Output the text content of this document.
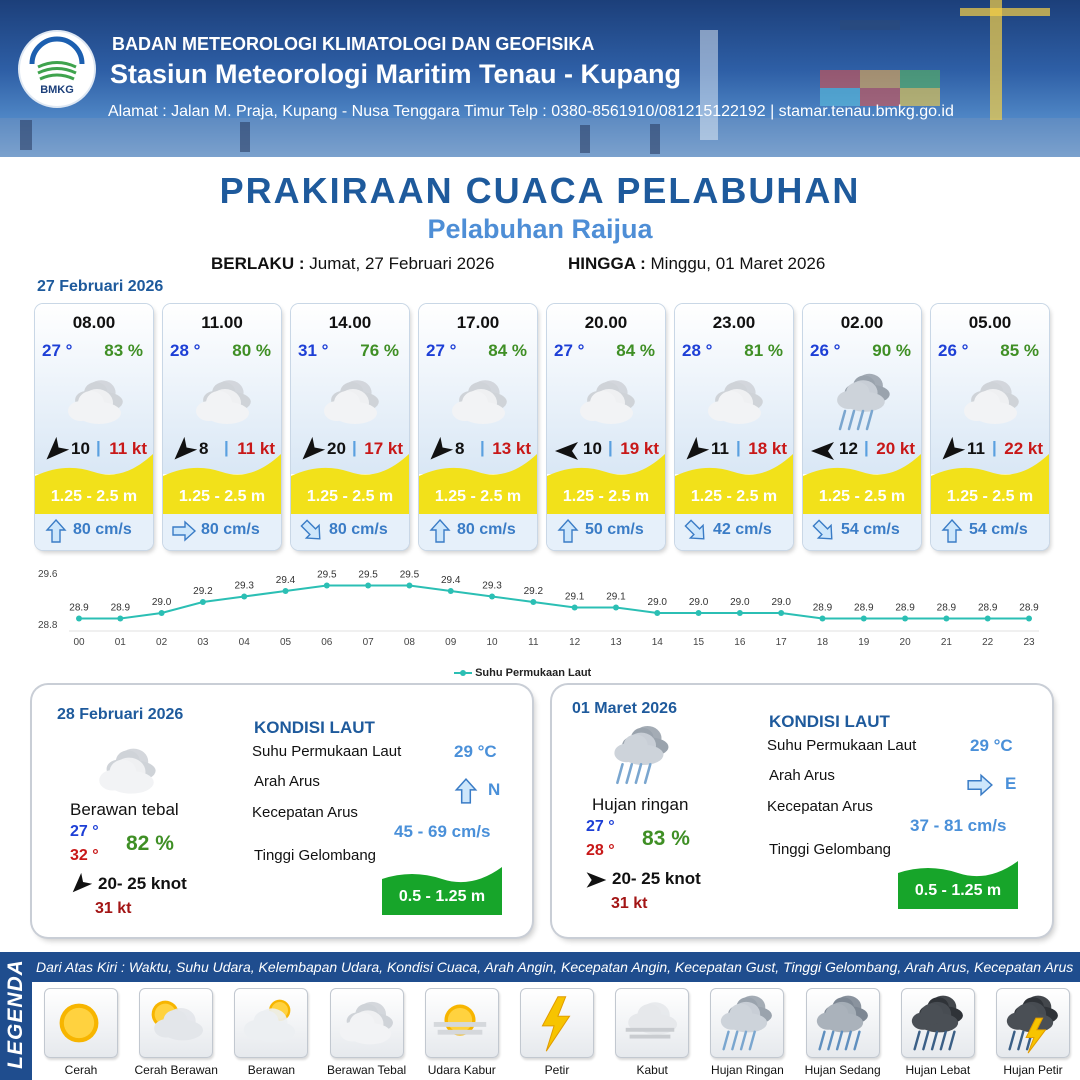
BMKG
BADAN METEOROLOGI KLIMATOLOGI DAN GEOFISIKA
Stasiun Meteorologi Maritim Tenau - Kupang
Alamat : Jalan M. Praja, Kupang - Nusa Tenggara Timur Telp : 0380-8561910/081215122192 | stamar.tenau.bmkg.go.id
PRAKIRAAN CUACA PELABUHAN
Pelabuhan Raijua
BERLAKU : Jumat, 27 Februari 2026	HINGGA : Minggu, 01 Maret 2026
27 Februari 2026
08.00
27 ° 83 %
10 | 11 kt
1.25 - 2.5 m
80 cm/s
11.00
28 ° 80 %
8 | 11 kt
1.25 - 2.5 m
80 cm/s
14.00
31 ° 76 %
20 | 17 kt
1.25 - 2.5 m
80 cm/s
17.00
27 ° 84 %
8 | 13 kt
1.25 - 2.5 m
80 cm/s
20.00
27 ° 84 %
10 | 19 kt
1.25 - 2.5 m
50 cm/s
23.00
28 ° 81 %
11 | 18 kt
1.25 - 2.5 m
42 cm/s
02.00
26 ° 90 %
12 | 20 kt
1.25 - 2.5 m
54 cm/s
05.00
26 ° 85 %
11 | 22 kt
1.25 - 2.5 m
54 cm/s
29.6
28.8
28.9
00
28.9
01
29.0
02
29.2
03
29.3
04
29.4
05
29.5
06
29.5
07
29.5
08
29.4
09
29.3
10
29.2
11
29.1
12
29.1
13
29.0
14
29.0
15
29.0
16
29.0
17
28.9
18
28.9
19
28.9
20
28.9
21
28.9
22
28.9
23
Suhu Permukaan Laut
28 Februari 2026
Berawan tebal
27 °
32 °
82 %
20- 25 knot
31 kt
KONDISI LAUT
Suhu Permukaan Laut	29 °C
Arah Arus	N
Kecepatan Arus
45 - 69 cm/s
Tinggi Gelombang
0.5 - 1.25 m
01 Maret 2026
Hujan ringan
27 °
28 °
83 %
20- 25 knot
31 kt
KONDISI LAUT
Suhu Permukaan Laut	29 °C
Arah Arus	E
Kecepatan Arus
37 - 81 cm/s
Tinggi Gelombang
0.5 - 1.25 m
LEGENDA Dari Atas Kiri : Waktu, Suhu Udara, Kelembapan Udara, Kondisi Cuaca, Arah Angin, Kecepatan Angin, Kecepatan Gust, Tinggi Gelombang, Arah Arus, Kecepatan Arus
Cerah	Cerah Berawan	Berawan	Berawan Tebal	Udara Kabur	Petir	Kabut	Hujan Ringan	Hujan Sedang	Hujan Lebat	Hujan Petir
